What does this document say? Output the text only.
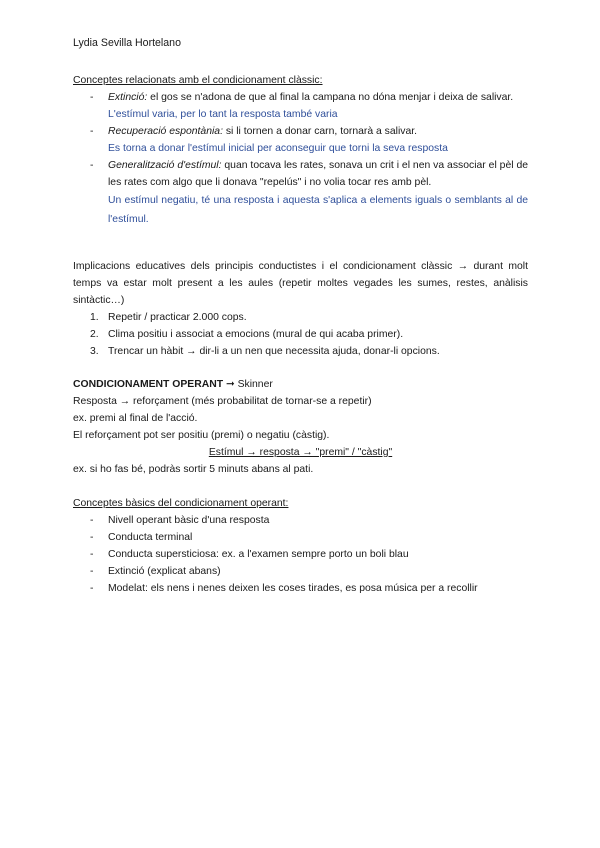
Lydia Sevilla Hortelano
Conceptes relacionats amb el condicionament clàssic:
- Extinció: el gos se n'adona de que al final la campana no dóna menjar i deixa de salivar.
L'estímul varia, per lo tant la resposta també varia
- Recuperació espontània: si li tornen a donar carn, tornarà a salivar.
Es torna a donar l'estímul inicial per aconseguir que torni la seva resposta
- Generalització d'estímul: quan tocava les rates, sonava un crit i el nen va associar el pèl de les rates com algo que li donava "repelús" i no volia tocar res amb pèl.
Un estímul negatiu, té una resposta i aquesta s'aplica a elements iguals o semblants al de l'estímul.
Implicacions educatives dels principis conductistes i el condicionament clàssic → durant molt temps va estar molt present a les aules (repetir moltes vegades les sumes, restes, anàlisis sintàctic…)
1. Repetir / practicar 2.000 cops.
2. Clima positiu i associat a emocions (mural de qui acaba primer).
3. Trencar un hàbit → dir-li a un nen que necessita ajuda, donar-li opcions.
CONDICIONAMENT OPERANT ➞ Skinner
Resposta → reforçament (més probabilitat de tornar-se a repetir)
ex. premi al final de l'acció.
El reforçament pot ser positiu (premi) o negatiu (càstig).
Estímul → resposta → "premi" / "càstig"
ex. si ho fas bé, podràs sortir 5 minuts abans al pati.
Conceptes bàsics del condicionament operant:
- Nivell operant bàsic d'una resposta
- Conducta terminal
- Conducta supersticiosa: ex. a l'examen sempre porto un boli blau
- Extinció (explicat abans)
- Modelat: els nens i nenes deixen les coses tirades, es posa música per a recollir
